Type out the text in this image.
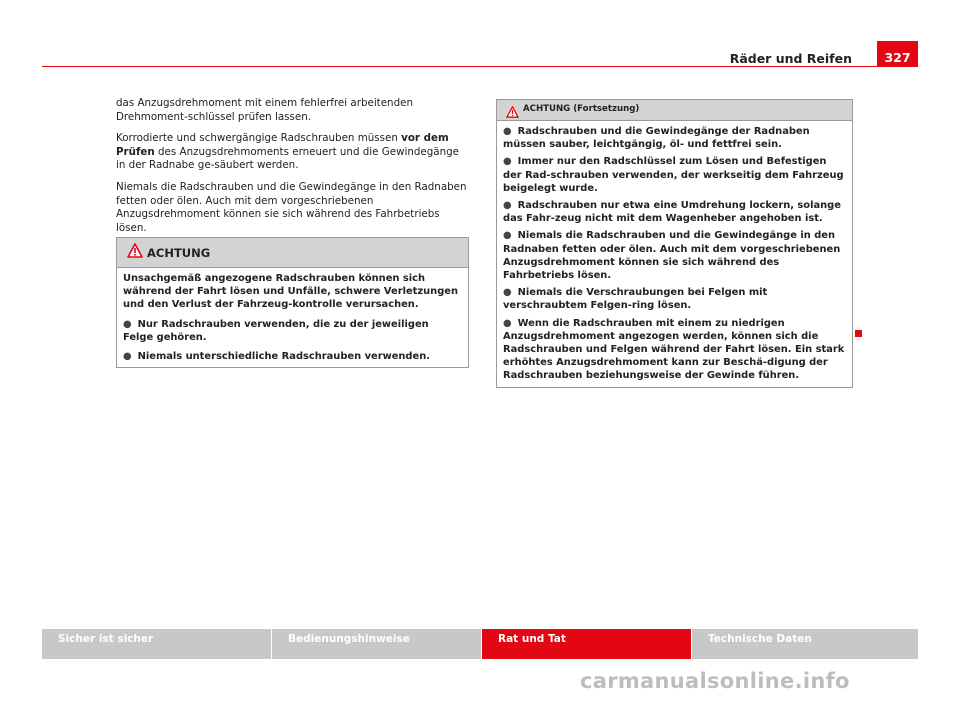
Räder und Reifen	327

das Anzugsdrehmoment mit einem fehlerfrei arbeitenden Drehmoment-schlüssel prüfen lassen.

Korrodierte und schwergängige Radschrauben müssen vor dem Prüfen des Anzugsdrehmoments erneuert und die Gewindegänge in der Radnabe ge-säubert werden.

Niemals die Radschrauben und die Gewindegänge in den Radnaben fetten oder ölen. Auch mit dem vorgeschriebenen Anzugsdrehmoment können sie sich während des Fahrbetriebs lösen.

ACHTUNG

Unsachgemäß angezogene Radschrauben können sich während der Fahrt lösen und Unfälle, schwere Verletzungen und den Verlust der Fahrzeug-kontrolle verursachen.

● Nur Radschrauben verwenden, die zu der jeweiligen Felge gehören.

● Niemals unterschiedliche Radschrauben verwenden.

ACHTUNG (Fortsetzung)

● Radschrauben und die Gewindegänge der Radnaben müssen sauber, leichtgängig, öl- und fettfrei sein.

● Immer nur den Radschlüssel zum Lösen und Befestigen der Rad-schrauben verwenden, der werkseitig dem Fahrzeug beigelegt wurde.

● Radschrauben nur etwa eine Umdrehung lockern, solange das Fahr-zeug nicht mit dem Wagenheber angehoben ist.

● Niemals die Radschrauben und die Gewindegänge in den Radnaben fetten oder ölen. Auch mit dem vorgeschriebenen Anzugsdrehmoment können sie sich während des Fahrbetriebs lösen.

● Niemals die Verschraubungen bei Felgen mit verschraubtem Felgen-ring lösen.

● Wenn die Radschrauben mit einem zu niedrigen Anzugsdrehmoment angezogen werden, können sich die Radschrauben und Felgen während der Fahrt lösen. Ein stark erhöhtes Anzugsdrehmoment kann zur Beschä-digung der Radschrauben beziehungsweise der Gewinde führen.

Sicher ist sicher	Bedienungshinweise	Rat und Tat	Technische Daten
carmanualsonline.info
